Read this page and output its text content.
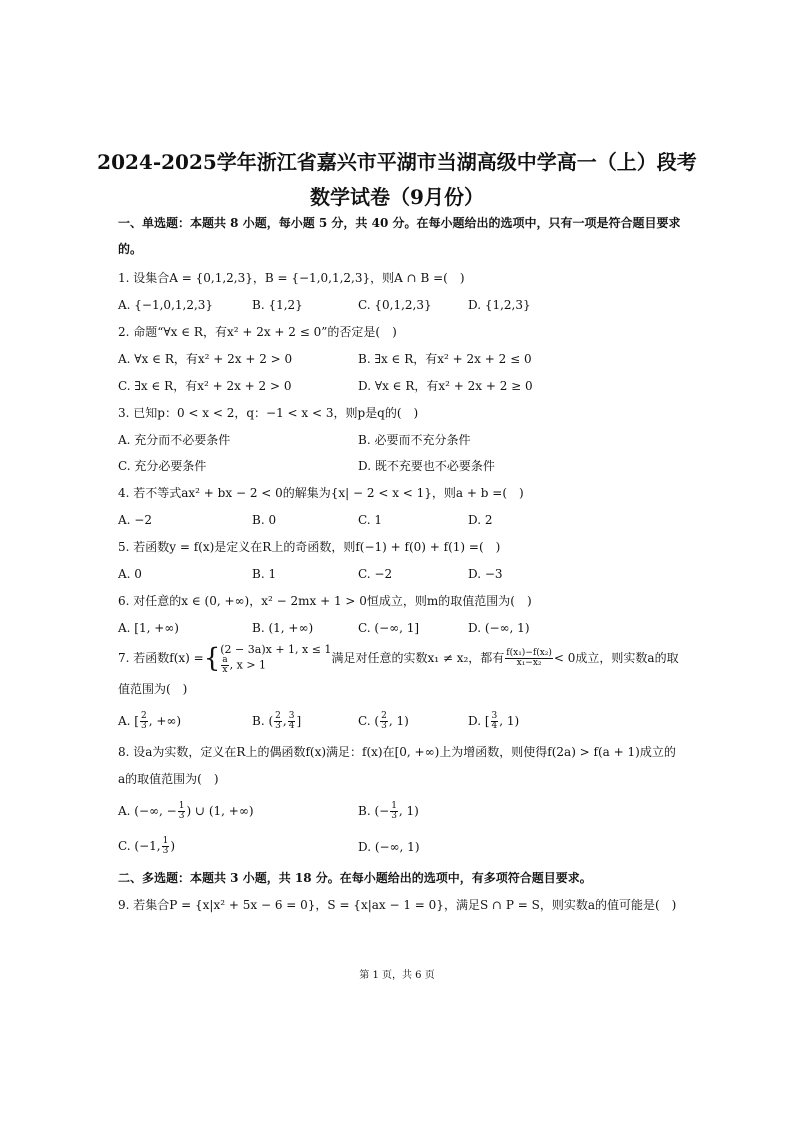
2024-2025学年浙江省嘉兴市平湖市当湖高级中学高一（上）段考
数学试卷（9月份）
一、单选题：本题共 8 小题，每小题 5 分，共 40 分。在每小题给出的选项中，只有一项是符合题目要求
的。
1. 设集合A = {0,1,2,3}，B = {−1,0,1,2,3}，则A ∩ B =(　)
A. {−1,0,1,2,3}	B. {1,2}	C. {0,1,2,3}	D. {1,2,3}
2. 命题“∀x ∈ R，有x² + 2x + 2 ≤ 0”的否定是(　)
A. ∀x ∈ R，有x² + 2x + 2 > 0	B. ∃x ∈ R，有x² + 2x + 2 ≤ 0
C. ∃x ∈ R，有x² + 2x + 2 > 0	D. ∀x ∈ R，有x² + 2x + 2 ≥ 0
3. 已知p：0 < x < 2，q：−1 < x < 3，则p是q的(　)
A. 充分而不必要条件	B. 必要而不充分条件
C. 充分必要条件	D. 既不充要也不必要条件
4. 若不等式ax² + bx − 2 < 0的解集为{x| − 2 < x < 1}，则a + b =(　)
A. −2	B. 0	C. 1	D. 2
5. 若函数y = f(x)是定义在R上的奇函数，则f(−1) + f(0) + f(1) =(　)
A. 0	B. 1	C. −2	D. −3
6. 对任意的x ∈ (0, +∞)，x² − 2mx + 1 > 0恒成立，则m的取值范围为(　)
A. [1, +∞)	B. (1, +∞)	C. (−∞, 1]	D. (−∞, 1)
7. 若函数f(x) ={ (2 − 3a)x + 1, x ≤ 1
$\frac{a}{x}$ , x > 1	满足对任意的实数x₁ ≠ x₂，都有 $\frac{\text{f(x₁)−f(x₂)}}{\text{x₁−x₂}} < 0$成立，则实数a的取
值范围为(　)
A. [ $\frac{2}{3}$ , +∞)	B. ( $\frac{2}{3}$ , $\frac{3}{4}$ ]	C. ( $\frac{2}{3}$ , 1)	D. [ $\frac{3}{4}$ , 1)
8. 设a为实数，定义在R上的偶函数f(x)满足：f(x)在[0, +∞)上为增函数，则使得f(2a) > f(a + 1)成立的
a的取值范围为(　)
A. (−∞, − $\frac{1}{3}$ ) ∪ (1, +∞)	B. (− $\frac{1}{3}$ , 1)
C. (−1, $\frac{1}{3}$ )	D. (−∞, 1)
二、多选题：本题共 3 小题，共 18 分。在每小题给出的选项中，有多项符合题目要求。
9. 若集合P = {x|x² + 5x − 6 = 0}，S = {x|ax − 1 = 0}，满足S ∩ P = S，则实数a的值可能是(　)
第 1 页，共 6 页
